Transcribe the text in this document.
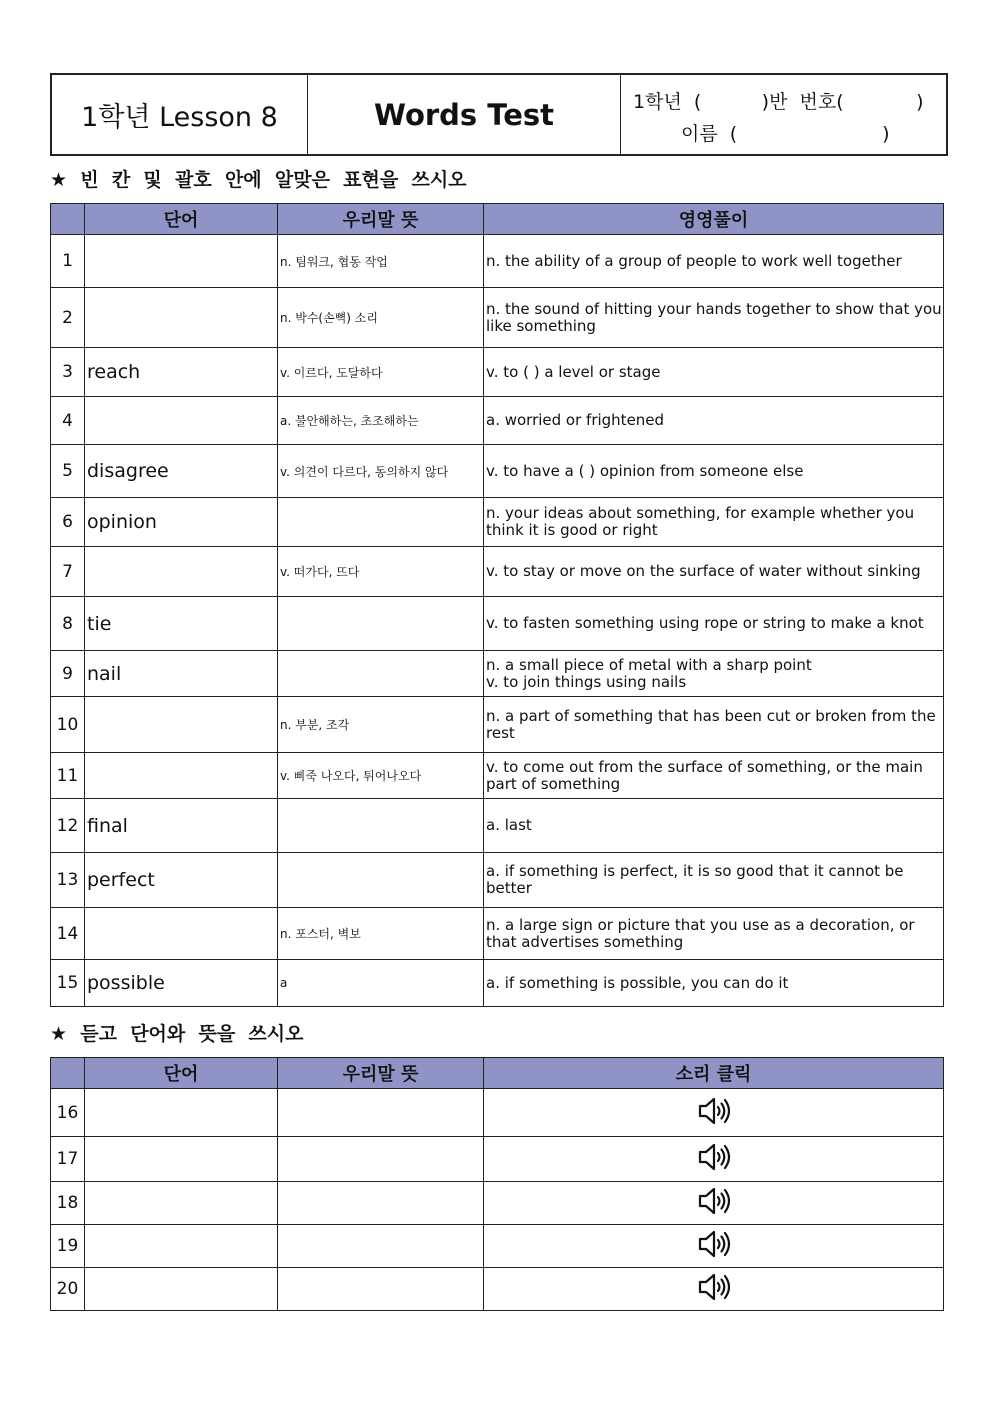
1학년 Lesson 8	Words Test	1학년  (          )반  번호(            )
이름  (                        )
★  빈  칸  및  괄호  안에  알맞은  표현을  쓰시오
	단어	우리말 뜻	영영풀이
1		n. 팀워크, 협동 작업	n. the ability of a group of people to work well together
2		n. 박수(손뼉) 소리	n. the sound of hitting your hands together to show that you like something
3	reach	v. 이르다, 도달하다	v. to ( ) a level or stage
4		a. 불안해하는, 초조해하는	a. worried or frightened
5	disagree	v. 의견이 다르다, 동의하지 않다	v. to have a ( ) opinion from someone else
6	opinion		n. your ideas about something, for example whether you think it is good or right
7		v. 떠가다, 뜨다	v. to stay or move on the surface of water without sinking
8	tie		v. to fasten something using rope or string to make a knot
9	nail		n. a small piece of metal with a sharp point
v. to join things using nails
10		n. 부분, 조각	n. a part of something that has been cut or broken from the rest
11		v. 삐죽 나오다, 튀어나오다	v. to come out from the surface of something, or the main part of something
12	final		a. last
13	perfect		a. if something is perfect, it is so good that it cannot be better
14		n. 포스터, 벽보	n. a large sign or picture that you use as a decoration, or that advertises something
15	possible	a	a. if something is possible, you can do it
★  듣고  단어와  뜻을  쓰시오
	단어	우리말 뜻	소리 클릭
16			
17			
18			
19			
20			
